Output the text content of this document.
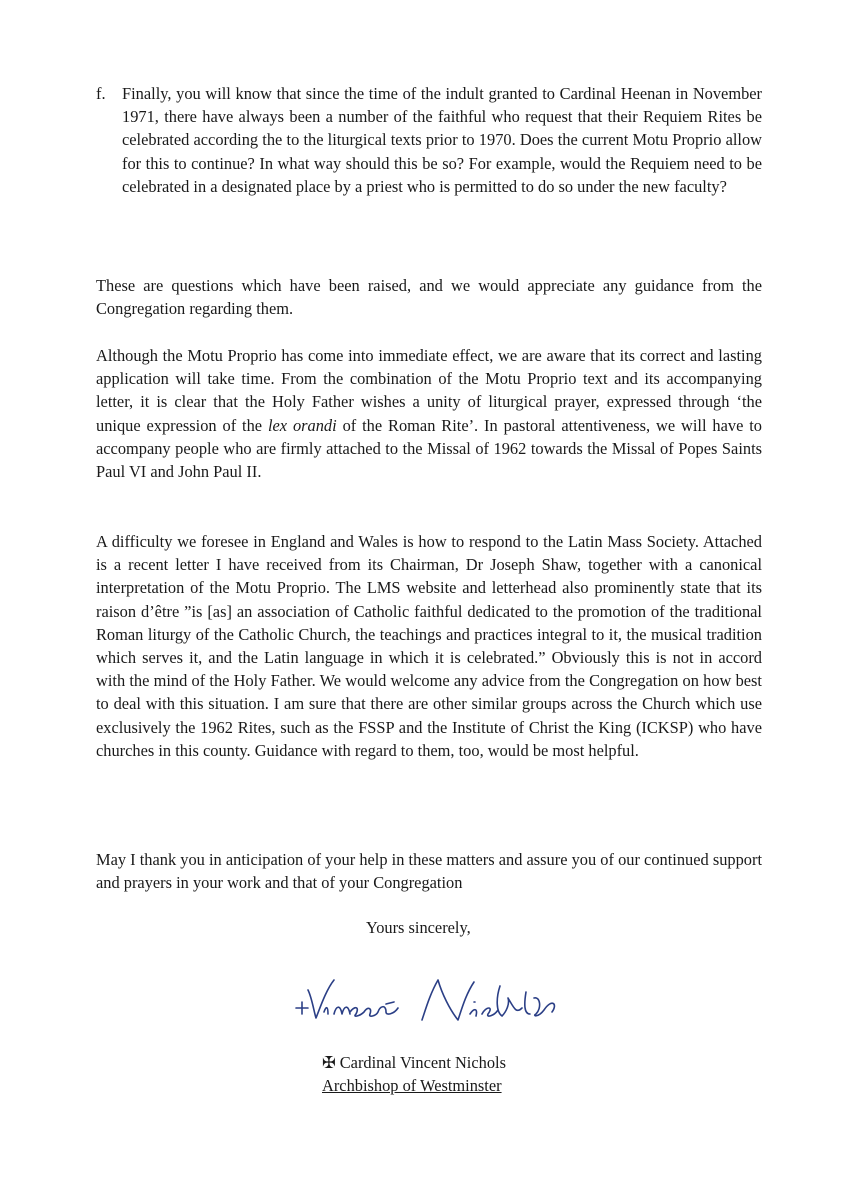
f. Finally, you will know that since the time of the indult granted to Cardinal Heenan in November 1971, there have always been a number of the faithful who request that their Requiem Rites be celebrated according the to the liturgical texts prior to 1970. Does the current Motu Proprio allow for this to continue? In what way should this be so? For example, would the Requiem need to be celebrated in a designated place by a priest who is permitted to do so under the new faculty?

These are questions which have been raised, and we would appreciate any guidance from the Congregation regarding them.

Although the Motu Proprio has come into immediate effect, we are aware that its correct and lasting application will take time. From the combination of the Motu Proprio text and its accompanying letter, it is clear that the Holy Father wishes a unity of liturgical prayer, expressed through ‘the unique expression of the lex orandi of the Roman Rite’. In pastoral attentiveness, we will have to accompany people who are firmly attached to the Missal of 1962 towards the Missal of Popes Saints Paul VI and John Paul II.

A difficulty we foresee in England and Wales is how to respond to the Latin Mass Society. Attached is a recent letter I have received from its Chairman, Dr Joseph Shaw, together with a canonical interpretation of the Motu Proprio. The LMS website and letterhead also prominently state that its raison d’être ”is [as] an association of Catholic faithful dedicated to the promotion of the traditional Roman liturgy of the Catholic Church, the teachings and practices integral to it, the musical tradition which serves it, and the Latin language in which it is celebrated.” Obviously this is not in accord with the mind of the Holy Father. We would welcome any advice from the Congregation on how best to deal with this situation. I am sure that there are other similar groups across the Church which use exclusively the 1962 Rites, such as the FSSP and the Institute of Christ the King (ICKSP) who have churches in this county. Guidance with regard to them, too, would be most helpful.

May I thank you in anticipation of your help in these matters and assure you of our continued support and prayers in your work and that of your Congregation

Yours sincerely,
✠ Cardinal Vincent Nichols
Archbishop of Westminster
